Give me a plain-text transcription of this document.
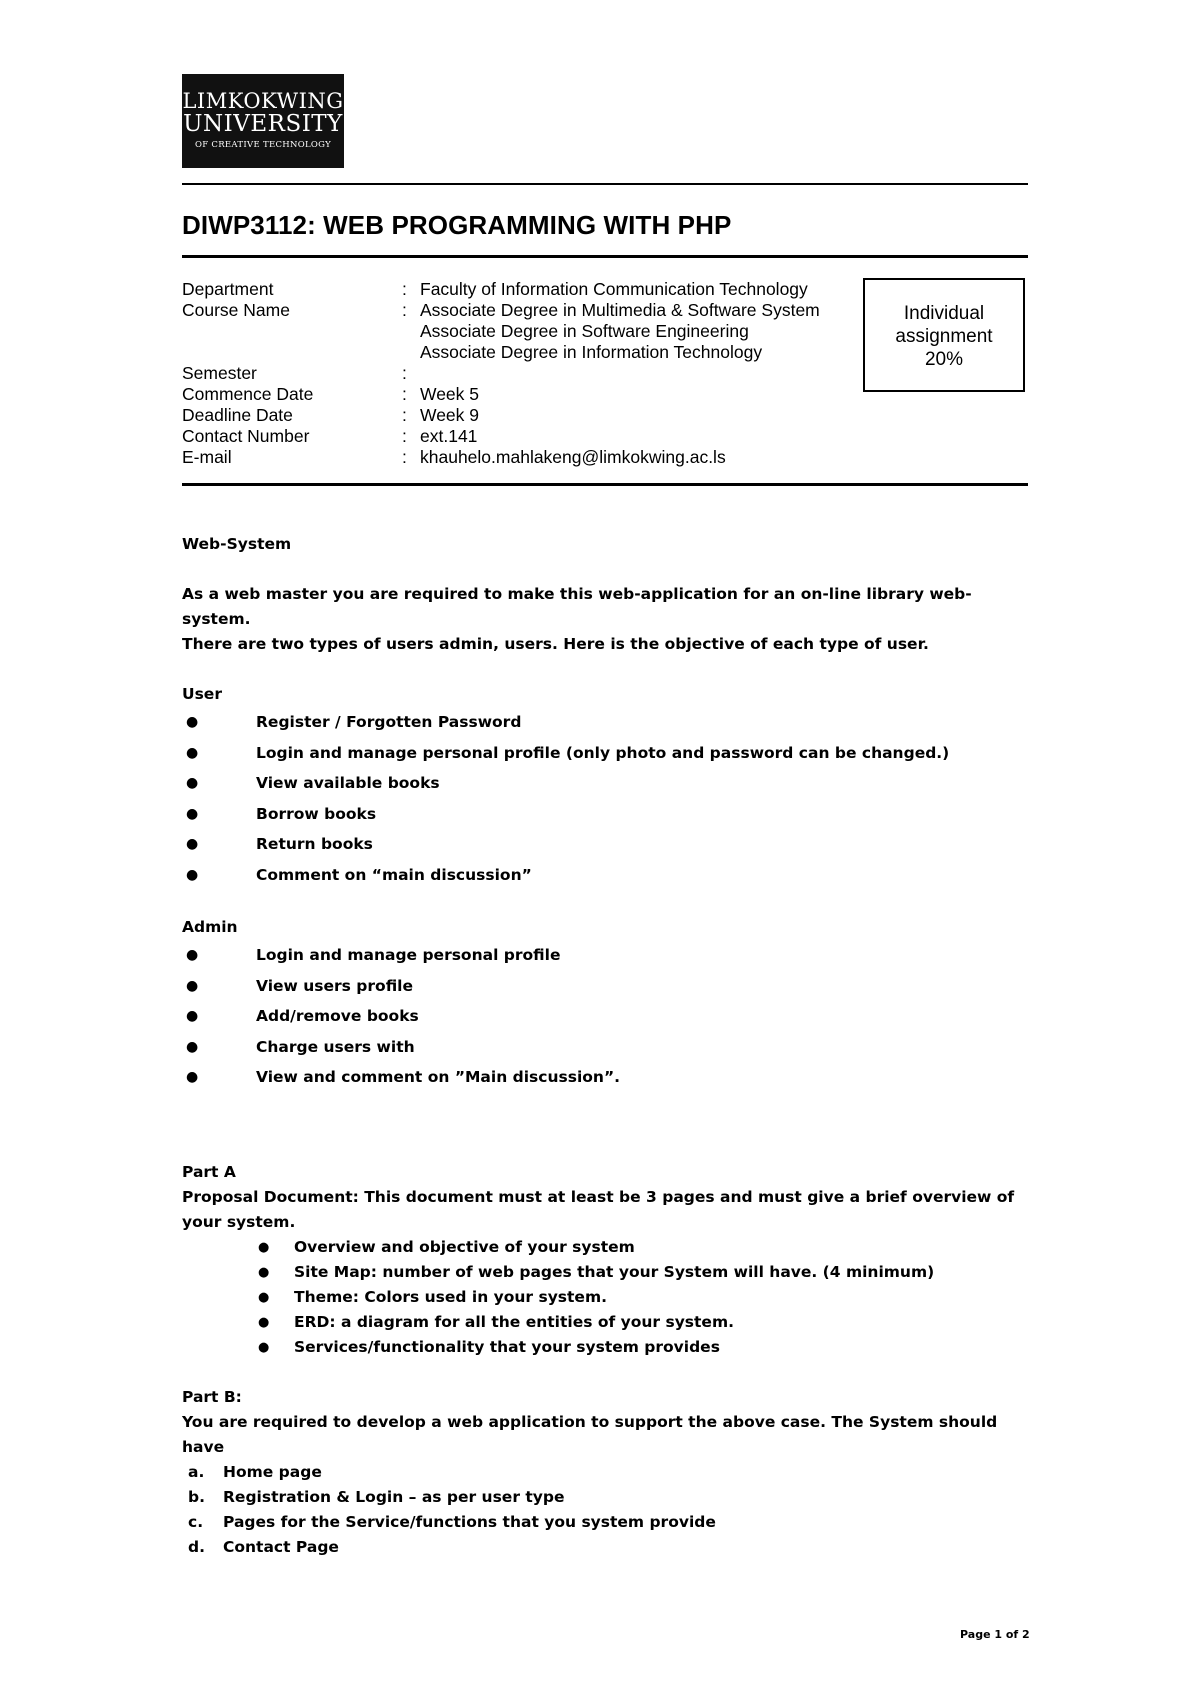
LIMKOKWING
UNIVERSITY
OF CREATIVE TECHNOLOGY
DIWP3112: WEB PROGRAMMING WITH PHP
Department	: Faculty of Information Communication Technology
Course Name	: Associate Degree in Multimedia & Software System
Associate Degree in Software Engineering
Associate Degree in Information Technology
Semester	:
Commence Date	: Week 5
Deadline Date	: Week 9
Contact Number	: ext.141
E-mail	: khauhelo.mahlakeng@limkokwing.ac.ls
Individual
assignment
20%

Web-System

As a web master you are required to make this web-application for an on-line library web-system.

There are two types of users admin, users. Here is the objective of each type of user.

User

●	Register / Forgotten Password
●	Login and manage personal profile (only photo and password can be changed.)
●	View available books
●	Borrow books
●	Return books
●	Comment on “main discussion”

Admin

●	Login and manage personal profile
●	View users profile
●	Add/remove books
●	Charge users with
●	View and comment on ”Main discussion”.

Part A

Proposal Document: This document must at least be 3 pages and must give a brief overview of your system.

● Overview and objective of your system
● Site Map: number of web pages that your System will have. (4 minimum)
● Theme: Colors used in your system.
● ERD: a diagram for all the entities of your system.
● Services/functionality that your system provides

Part B:

You are required to develop a web application to support the above case. The System should have

a. Home page
b. Registration & Login – as per user type
c. Pages for the Service/functions that you system provide
d. Contact Page
Page 1 of 2
